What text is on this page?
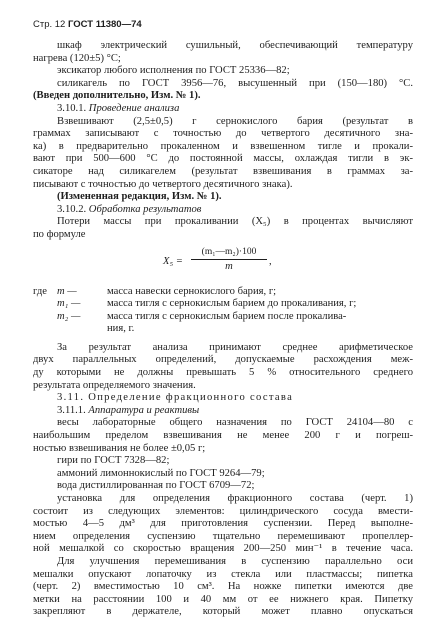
Стр. 12 ГОСТ 11380—74
шкаф электрический сушильный, обеспечивающий температуру
нагрева (120±5) °С;
эксикатор любого исполнения по ГОСТ 25336—82;
силикагель по ГОСТ 3956—76, высушенный при (150—180) °С.
(Введен дополнительно, Изм. № 1).
3.10.1. Проведение анализа
Взвешивают (2,5±0,5) г сернокислого бария (результат в
граммах записывают с точностью до четвертого десятичного зна-
ка) в предварительно прокаленном и взвешенном тигле и прокали-
вают при 500—600 °С до постоянной массы, охлаждая тигли в эк-
сикаторе над силикагелем (результат взвешивания в граммах за-
писывают с точностью до четвертого десятичного знака).
(Измененная редакция, Изм. № 1).
3.10.2. Обработка результатов
Потери массы при прокаливании (X₅) в процентах вычисляют
по формуле
$X_5 = \frac{\text{(m₁—m₂)·100}}{m}$ ,
где m —	масса навески сернокислого бария, г;
m₁ —	масса тигля с сернокислым барием до прокаливания, г;
m₂ —	масса тигля с сернокислым барием после прокалива-
ния, г.
За результат анализа принимают среднее арифметическое
двух параллельных определений, допускаемые расхождения меж-
ду которыми не должны превышать 5 % относительного среднего
результата определяемого значения.
3.11. Определение фракционного состава
3.11.1. Аппаратура и реактивы
весы лабораторные общего назначения по ГОСТ 24104—80 с
наибольшим пределом взвешивания не менее 200 г и погреш-
ностью взвешивания не более ±0,05 г;
гири по ГОСТ 7328—82;
аммоний лимоннокислый по ГОСТ 9264—79;
вода дистиллированная по ГОСТ 6709—72;
установка для определения фракционного состава (черт. 1)
состоит из следующих элементов: цилиндрического сосуда вмести-
мостью 4—5 дм³ для приготовления суспензии. Перед выполне-
нием определения суспензию тщательно перемешивают пропеллер-
ной мешалкой со скоростью вращения 200—250 мин⁻¹ в течение часа.
Для улучшения перемешивания в суспензию параллельно оси
мешалки опускают лопаточку из стекла или пластмассы; пипетка
(черт. 2) вместимостью 10 см³. На ножке пипетки имеются две
метки на расстоянии 100 и 40 мм от ее нижнего края. Пипетку
закрепляют в держателе, который может плавно опускаться
